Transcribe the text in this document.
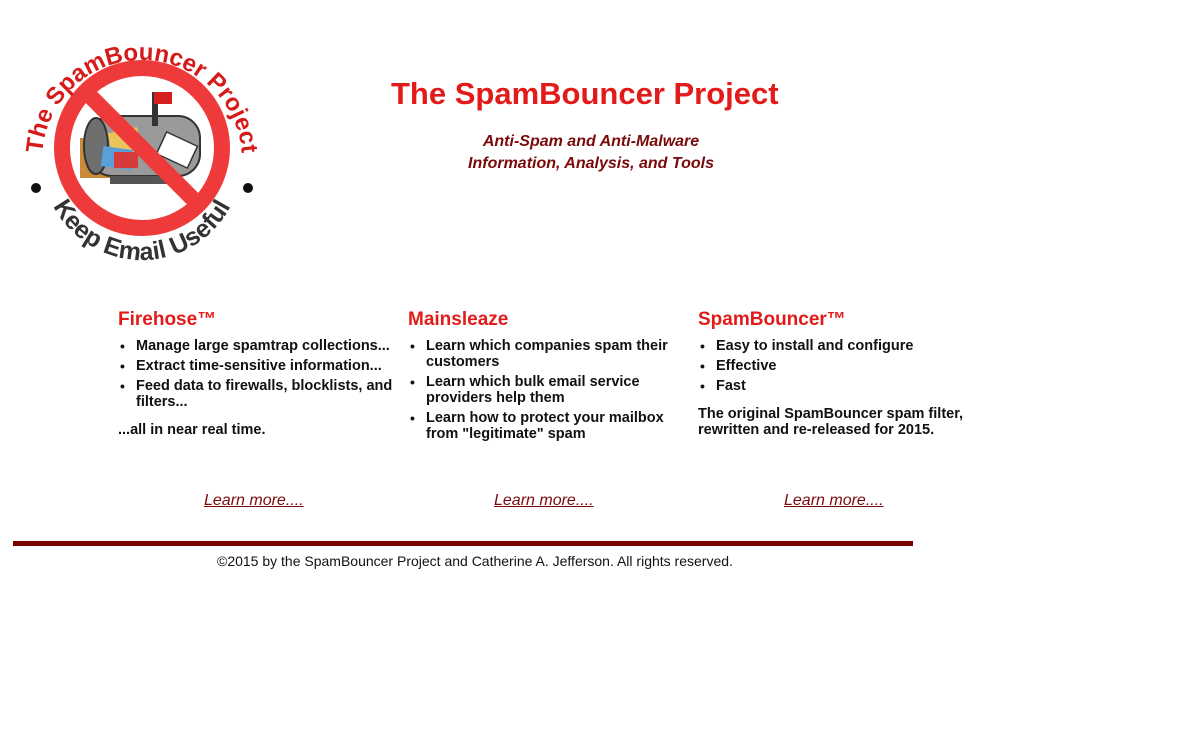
The SpamBouncer Project
Keep Email Useful
The SpamBouncer Project
Anti-Spam and Anti-Malware
Information, Analysis, and Tools
Firehose™
• Manage large spamtrap collections...
• Extract time-sensitive information...
• Feed data to firewalls, blocklists, and filters...

...all in near real time.

Mainsleaze
• Learn which companies spam their customers
• Learn which bulk email service providers help them
• Learn how to protect your mailbox from "legitimate" spam
SpamBouncer™
• Easy to install and configure
• Effective
• Fast

The original SpamBouncer spam filter, rewritten and re-released for 2015.

Learn more....	Learn more....	Learn more....
©2015 by the SpamBouncer Project and Catherine A. Jefferson. All rights reserved.
